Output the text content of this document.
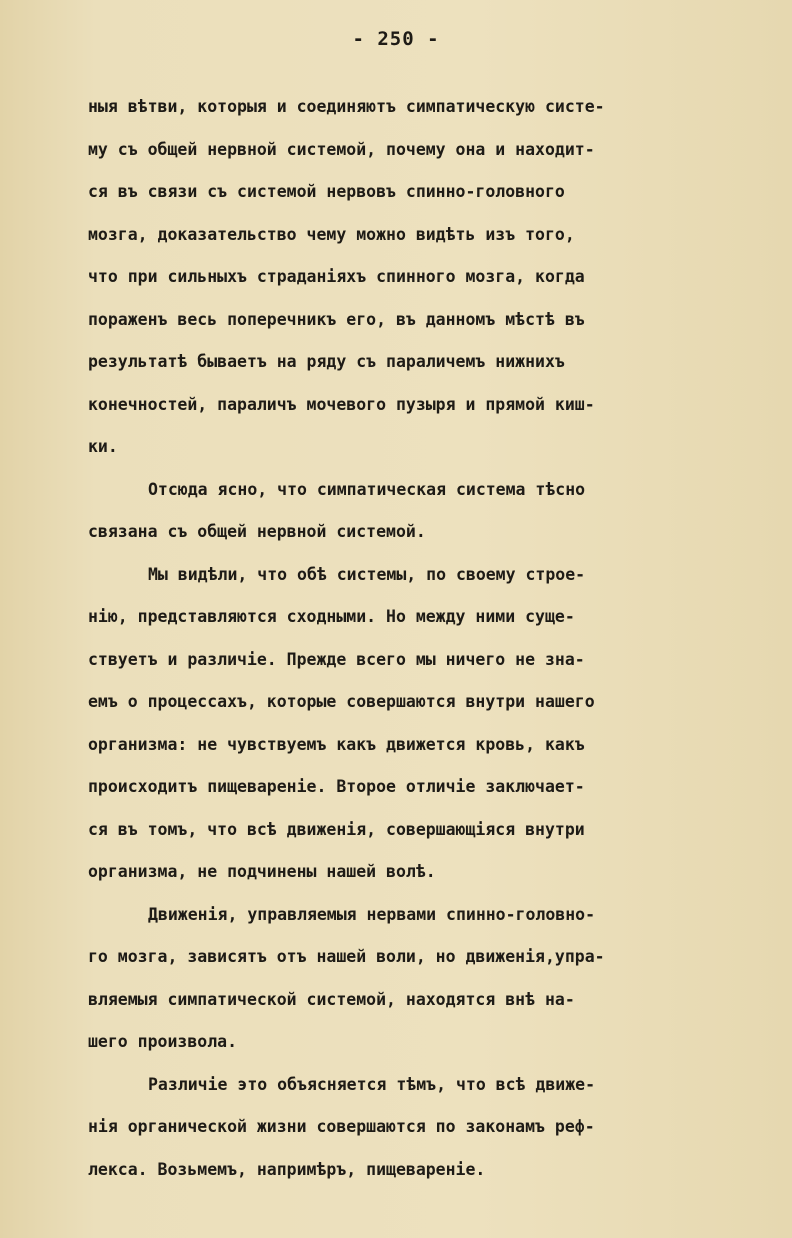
- 250 -
ныя вѣтви, которыя и соединяютъ симпатическую систе-
му съ общей нервной системой, почему она и находит-
ся въ связи съ системой нервовъ спинно-головного
мозга, доказательство чему можно видѣть изъ того,
что при сильныхъ страданiяхъ спинного мозга, когда
пораженъ весь поперечникъ его, въ данномъ мѣстѣ въ
результатѣ бываетъ на ряду съ параличемъ нижнихъ
конечностей, параличъ мочевого пузыря и прямой киш-
ки.
Отсюда ясно, что симпатическая система тѣсно
связана съ общей нервной системой.
Мы видѣли, что обѣ системы, по своему строе-
нiю, представляются сходными. Но между ними суще-
ствуетъ и различiе. Прежде всего мы ничего не зна-
емъ о процессахъ, которые совершаются внутри нашего
организма: не чувствуемъ какъ движется кровь, какъ
происходитъ пищеваренiе. Второе отличiе заключает-
ся въ томъ, что всѣ движенiя, совершающiяся внутри
организма, не подчинены нашей волѣ.
Движенiя, управляемыя нервами спинно-головно-
го мозга, зависятъ отъ нашей воли, но движенiя,упра-
вляемыя симпатической системой, находятся внѣ на-
шего произвола.
Различiе это объясняется тѣмъ, что всѣ движе-
нiя органической жизни совершаются по законамъ реф-
лекса. Возьмемъ, напримѣръ, пищеваренiе.
